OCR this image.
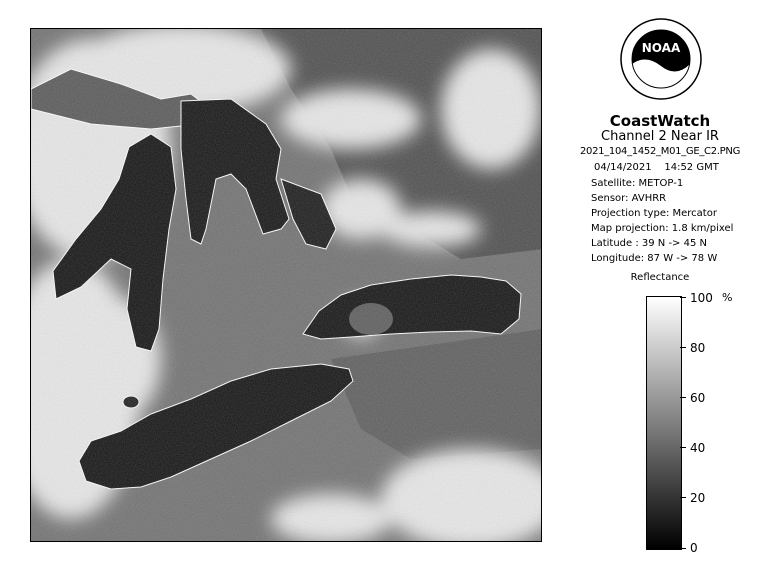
NOAA
CoastWatch
Channel 2 Near IR
2021_104_1452_M01_GE_C2.PNG
04/14/2021    14:52 GMT
Satellite: METOP-1
Sensor: AVHRR
Projection type: Mercator
Map projection: 1.8 km/pixel
Latitude : 39 N -> 45 N
Longitude: 87 W -> 78 W
Reflectance
%
100
80
60
40
20
0
